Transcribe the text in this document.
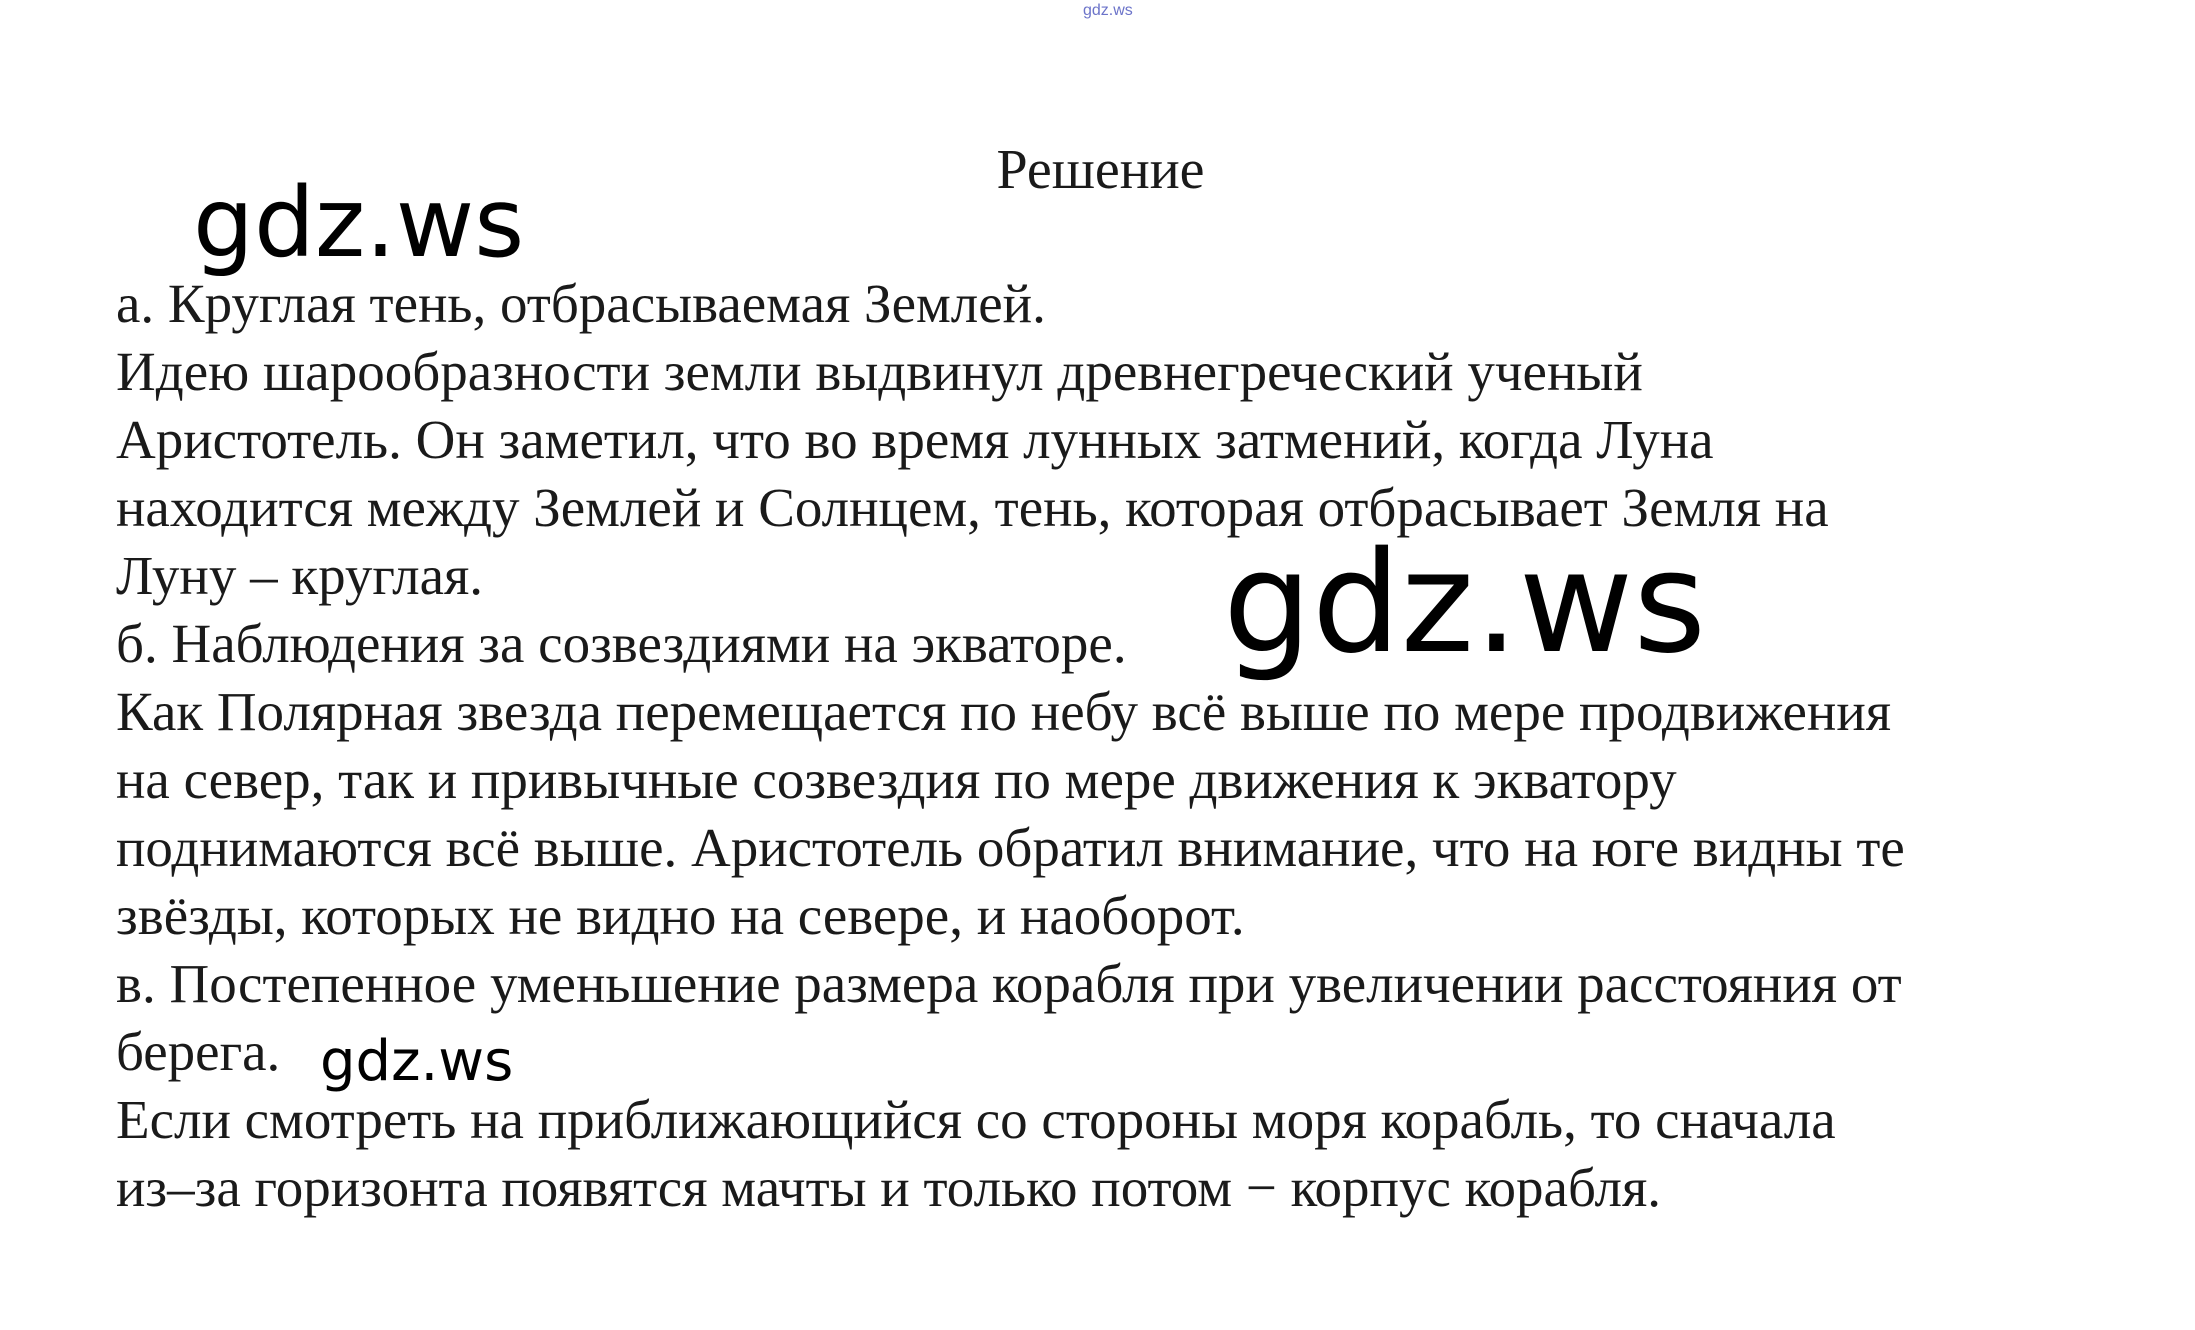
gdz.ws
Решение
а. Круглая тень, отбрасываемая Землей.
Идею шарообразности земли выдвинул древнегреческий ученый
Аристотель. Он заметил, что во время лунных затмений, когда Луна
находится между Землей и Солнцем, тень, которая отбрасывает Земля на
Луну – круглая.
б. Наблюдения за созвездиями на экваторе.
Как Полярная звезда перемещается по небу всё выше по мере продвижения
на север, так и привычные созвездия по мере движения к экватору
поднимаются всё выше. Аристотель обратил внимание, что на юге видны те
звёзды, которых не видно на севере, и наоборот.
в. Постепенное уменьшение размера корабля при увеличении расстояния от
берега.
Если смотреть на приближающийся со стороны моря корабль, то сначала
из–за горизонта появятся мачты и только потом − корпус корабля.
gdz.ws
gdz.ws
gdz.ws
